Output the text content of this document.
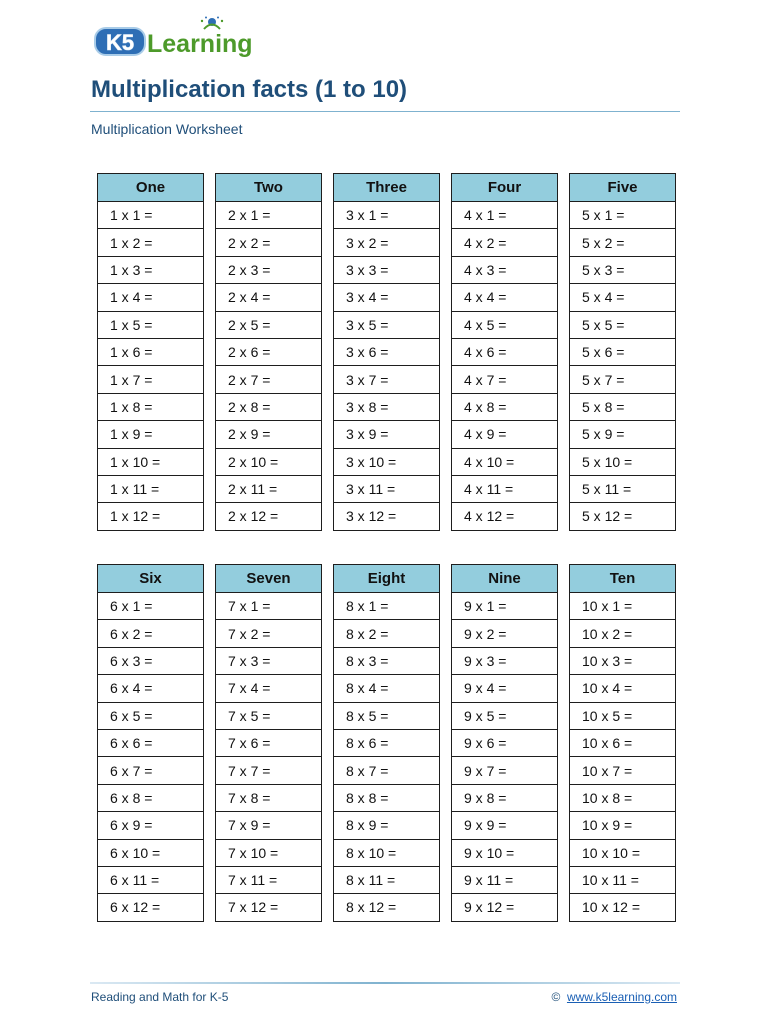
K5 Learning
Multiplication facts (1 to 10)
Multiplication Worksheet
One
1 x 1 =
1 x 2 =
1 x 3 =
1 x 4 =
1 x 5 =
1 x 6 =
1 x 7 =
1 x 8 =
1 x 9 =
1 x 10 =
1 x 11 =
1 x 12 =
Two
2 x 1 =
2 x 2 =
2 x 3 =
2 x 4 =
2 x 5 =
2 x 6 =
2 x 7 =
2 x 8 =
2 x 9 =
2 x 10 =
2 x 11 =
2 x 12 =
Three
3 x 1 =
3 x 2 =
3 x 3 =
3 x 4 =
3 x 5 =
3 x 6 =
3 x 7 =
3 x 8 =
3 x 9 =
3 x 10 =
3 x 11 =
3 x 12 =
Four
4 x 1 =
4 x 2 =
4 x 3 =
4 x 4 =
4 x 5 =
4 x 6 =
4 x 7 =
4 x 8 =
4 x 9 =
4 x 10 =
4 x 11 =
4 x 12 =
Five
5 x 1 =
5 x 2 =
5 x 3 =
5 x 4 =
5 x 5 =
5 x 6 =
5 x 7 =
5 x 8 =
5 x 9 =
5 x 10 =
5 x 11 =
5 x 12 =
Six
6 x 1 =
6 x 2 =
6 x 3 =
6 x 4 =
6 x 5 =
6 x 6 =
6 x 7 =
6 x 8 =
6 x 9 =
6 x 10 =
6 x 11 =
6 x 12 =
Seven
7 x 1 =
7 x 2 =
7 x 3 =
7 x 4 =
7 x 5 =
7 x 6 =
7 x 7 =
7 x 8 =
7 x 9 =
7 x 10 =
7 x 11 =
7 x 12 =
Eight
8 x 1 =
8 x 2 =
8 x 3 =
8 x 4 =
8 x 5 =
8 x 6 =
8 x 7 =
8 x 8 =
8 x 9 =
8 x 10 =
8 x 11 =
8 x 12 =
Nine
9 x 1 =
9 x 2 =
9 x 3 =
9 x 4 =
9 x 5 =
9 x 6 =
9 x 7 =
9 x 8 =
9 x 9 =
9 x 10 =
9 x 11 =
9 x 12 =
Ten
10 x 1 =
10 x 2 =
10 x 3 =
10 x 4 =
10 x 5 =
10 x 6 =
10 x 7 =
10 x 8 =
10 x 9 =
10 x 10 =
10 x 11 =
10 x 12 =
Reading and Math for K-5	© www.k5learning.com
